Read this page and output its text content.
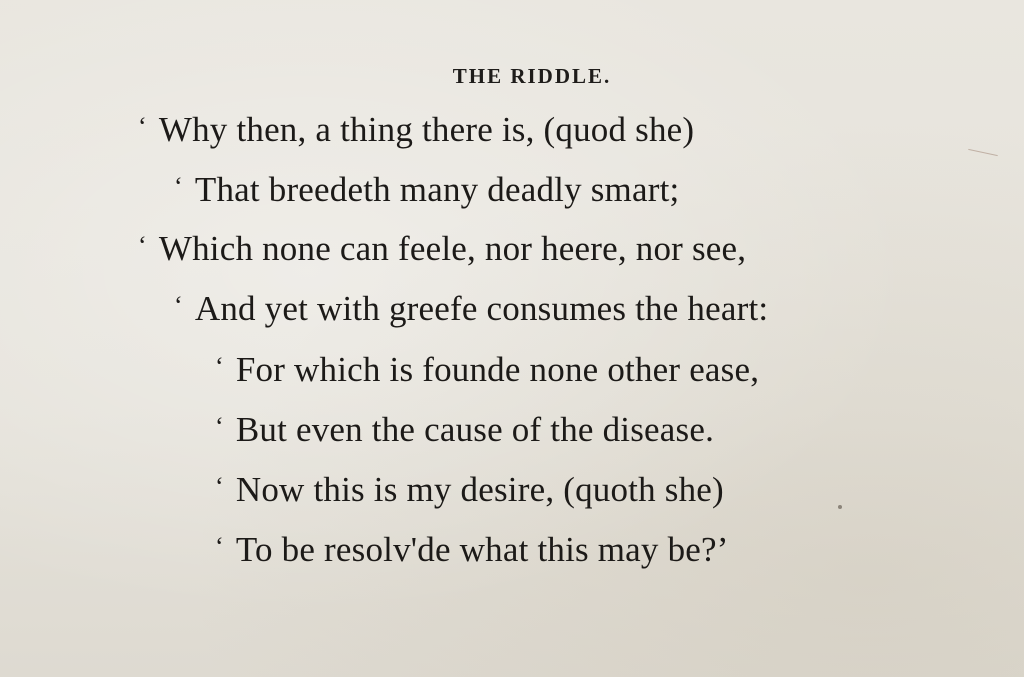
THE RIDDLE.
‘ Why then, a thing there is, (quod she)
‘ That breedeth many deadly smart;
‘ Which none can feele, nor heere, nor see,
‘ And yet with greefe consumes the heart:
‘ For which is founde none other ease,
‘ But even the cause of the disease.
‘ Now this is my desire, (quoth she)
‘ To be resolv'de what this may be?’
